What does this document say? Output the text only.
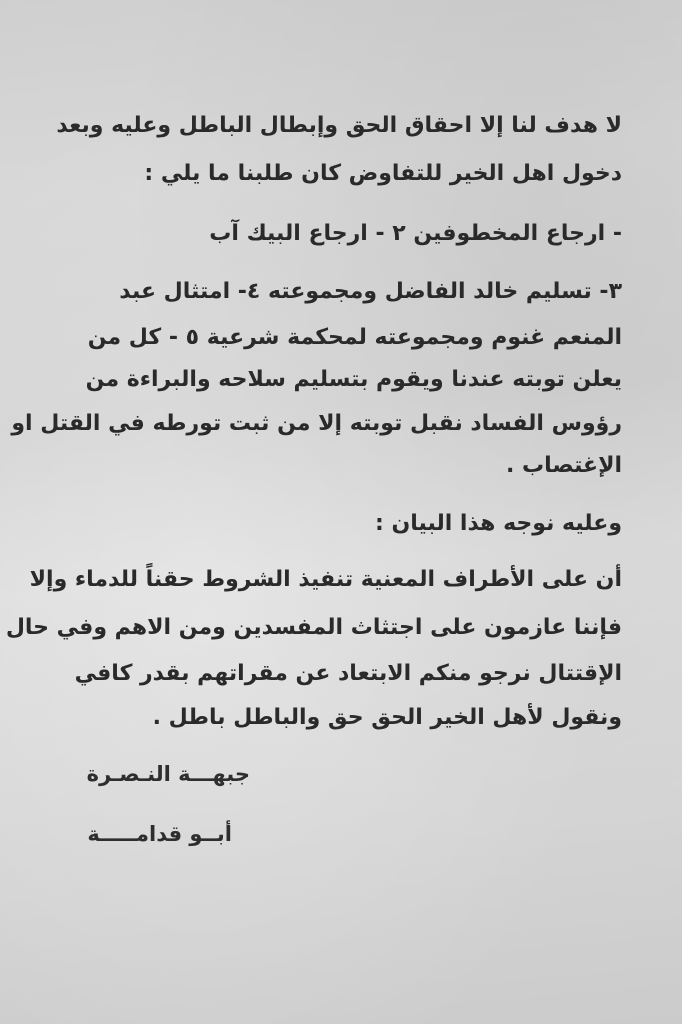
لا هدف لنا إلا احقاق الحق وإبطال الباطل وعليه وبعد
دخول اهل الخير للتفاوض كان طلبنا ما يلي :
- ارجاع المخطوفين ٢ - ارجاع البيك آب
٣- تسليم خالد الفاضل ومجموعته ٤- امتثال عبد
المنعم غنوم ومجموعته لمحكمة شرعية ٥ - كل من
يعلن توبته عندنا ويقوم بتسليم سلاحه والبراءة من
رؤوس الفساد نقبل توبته إلا من ثبت تورطه في القتل او
الإغتصاب .
وعليه نوجه هذا البيان :
أن على الأطراف المعنية تنفيذ الشروط حقناً للدماء وإلا
فإننا عازمون على اجتثاث المفسدين ومن الاهم وفي حال
الإقتتال نرجو منكم الابتعاد عن مقراتهم بقدر كافي
ونقول لأهل الخير الحق حق والباطل باطل .
جبهـــة النـصـرة
أبــو قدامـــــة
